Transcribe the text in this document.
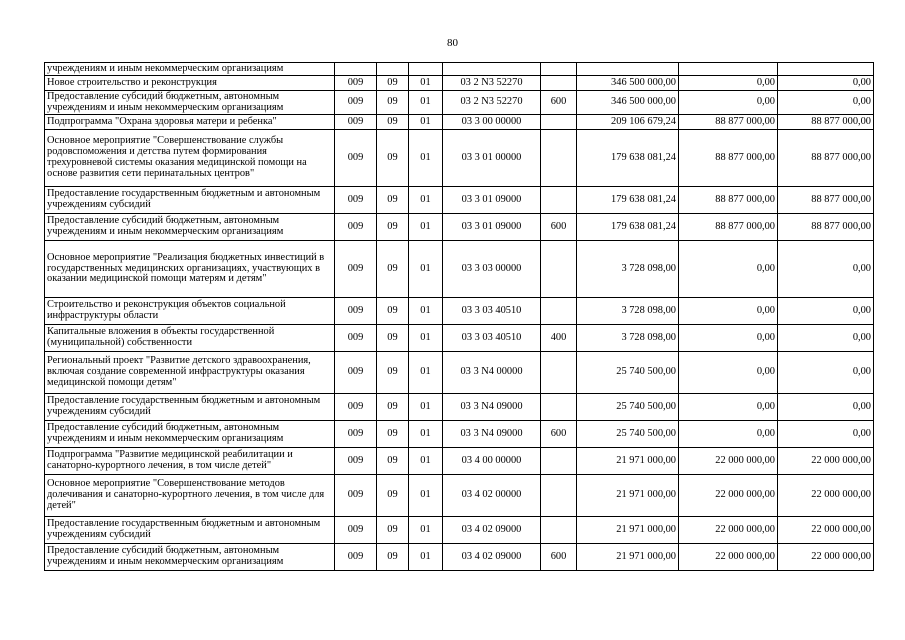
80
учреждениям и иным некоммерческим организациям								
Новое строительство и реконструкция	009	09	01	03 2 N3 52270		346 500 000,00	0,00	0,00
Предоставление субсидий бюджетным, автономным учреждениям и иным некоммерческим организациям	009	09	01	03 2 N3 52270	600	346 500 000,00	0,00	0,00
Подпрограмма "Охрана здоровья матери и ребенка"	009	09	01	03 3 00 00000		209 106 679,24	88 877 000,00	88 877 000,00
Основное мероприятие "Совершенствование службы родовспоможения и детства путем формирования трехуровневой системы оказания медицинской помощи на основе развития сети перинатальных центров"	009	09	01	03 3 01 00000		179 638 081,24	88 877 000,00	88 877 000,00
Предоставление государственным бюджетным и автономным учреждениям субсидий	009	09	01	03 3 01 09000		179 638 081,24	88 877 000,00	88 877 000,00
Предоставление субсидий бюджетным, автономным учреждениям и иным некоммерческим организациям	009	09	01	03 3 01 09000	600	179 638 081,24	88 877 000,00	88 877 000,00
Основное мероприятие "Реализация бюджетных инвестиций в государственных медицинских организациях, участвующих в оказании медицинской помощи матерям и детям"	009	09	01	03 3 03 00000		3 728 098,00	0,00	0,00
Строительство и реконструкция объектов социальной инфраструктуры области	009	09	01	03 3 03 40510		3 728 098,00	0,00	0,00
Капитальные вложения в объекты государственной (муниципальной) собственности	009	09	01	03 3 03 40510	400	3 728 098,00	0,00	0,00
Региональный проект "Развитие детского здравоохранения, включая создание современной инфраструктуры оказания медицинской помощи детям"	009	09	01	03 3 N4 00000		25 740 500,00	0,00	0,00
Предоставление государственным бюджетным и автономным учреждениям субсидий	009	09	01	03 3 N4 09000		25 740 500,00	0,00	0,00
Предоставление субсидий бюджетным, автономным учреждениям и иным некоммерческим организациям	009	09	01	03 3 N4 09000	600	25 740 500,00	0,00	0,00
Подпрограмма "Развитие медицинской реабилитации и санаторно-курортного лечения, в том числе детей"	009	09	01	03 4 00 00000		21 971 000,00	22 000 000,00	22 000 000,00
Основное мероприятие "Совершенствование методов долечивания и санаторно-курортного лечения, в том числе для детей"	009	09	01	03 4 02 00000		21 971 000,00	22 000 000,00	22 000 000,00
Предоставление государственным бюджетным и автономным учреждениям субсидий	009	09	01	03 4 02 09000		21 971 000,00	22 000 000,00	22 000 000,00
Предоставление субсидий бюджетным, автономным учреждениям и иным некоммерческим организациям	009	09	01	03 4 02 09000	600	21 971 000,00	22 000 000,00	22 000 000,00
